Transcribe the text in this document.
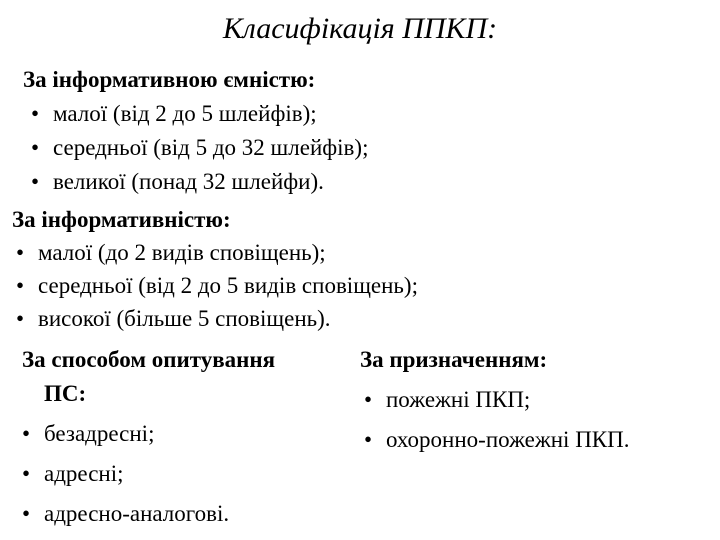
Класифікація ППКП:
За інформативною ємністю:
• малої (від 2 до 5 шлейфів);
• середньої (від 5 до 32 шлейфів);
• великої (понад 32 шлейфи).
За інформативністю:
• малої (до 2 видів сповіщень);
• середньої (від 2 до 5 видів сповіщень);
• високої (більше 5 сповіщень).
За способом опитування
ПС:
• безадресні;
• адресні;
• адресно-аналогові.
За призначенням:
• пожежні ПКП;
• охоронно-пожежні ПКП.
